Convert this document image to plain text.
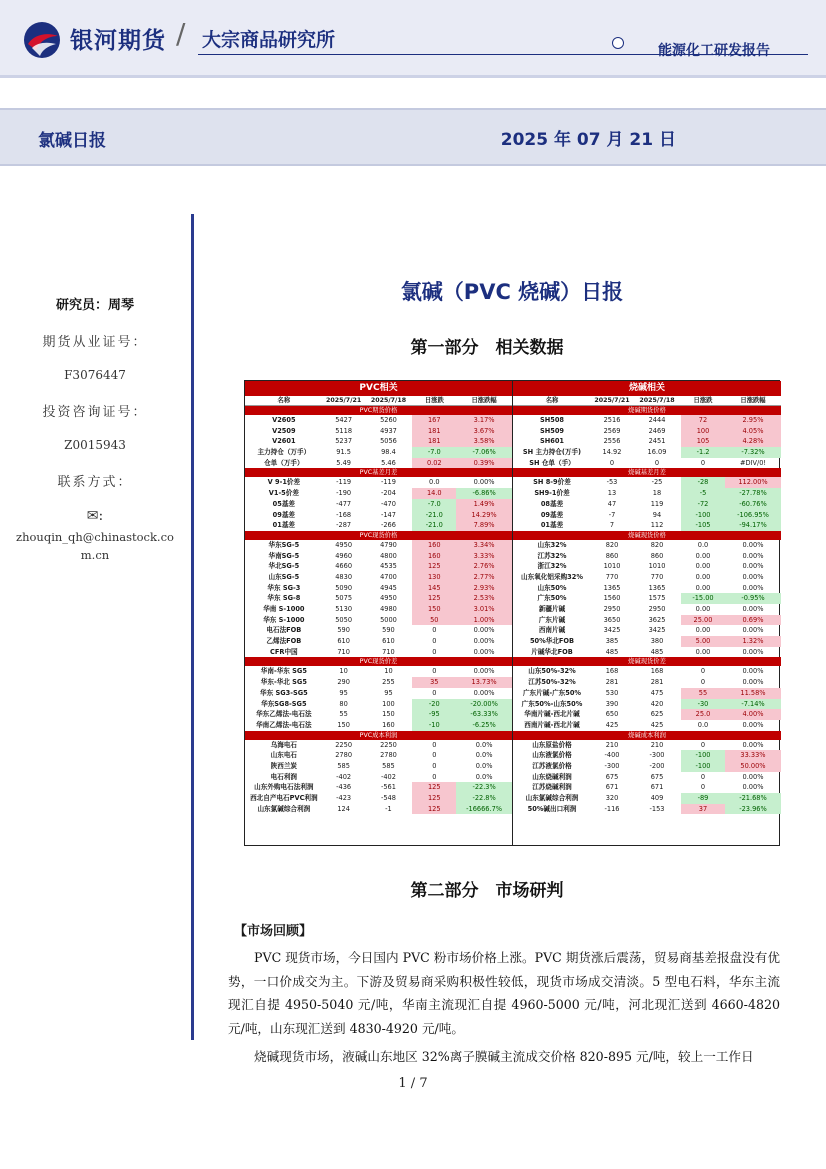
银河期货 / 大宗商品研究所	能源化工研发报告
氯碱日报	2025 年 07 月 21 日
研究员：周琴
期货从业证号：
F3076447
投资咨询证号：
Z0015943
联系方式：
✉:
zhouqin_qh@chinastock.com.cn
氯碱（PVC 烧碱）日报
第一部分　相关数据
PVC相关
名称	2025/7/21	2025/7/18	日涨跌	日涨跌幅
PVC期货价格
V2605	5427	5260	167	3.17%
V2509	5118	4937	181	3.67%
V2601	5237	5056	181	3.58%
主力持仓（万手）	91.5	98.4	-7.0	-7.06%
仓单（万手）	5.49	5.46	0.02	0.39%
PVC基差月差
V 9-1价差	-119	-119	0.0	0.00%
V1-5价差	-190	-204	14.0	-6.86%
05基差	-477	-470	-7.0	1.49%
09基差	-168	-147	-21.0	14.29%
01基差	-287	-266	-21.0	7.89%
PVC现货价格
华东SG-5	4950	4790	160	3.34%
华南SG-5	4960	4800	160	3.33%
华北SG-5	4660	4535	125	2.76%
山东SG-5	4830	4700	130	2.77%
华东 SG-3	5090	4945	145	2.93%
华东 SG-8	5075	4950	125	2.53%
华南 S-1000	5130	4980	150	3.01%
华东 S-1000	5050	5000	50	1.00%
电石法FOB	590	590	0	0.00%
乙烯法FOB	610	610	0	0.00%
CFR中国	710	710	0	0.00%
PVC现货价差
华南-华东 SG5	10	10	0	0.00%
华东-华北 SG5	290	255	35	13.73%
华东 SG3-SG5	95	95	0	0.00%
华东SG8-SG5	80	100	-20	-20.00%
华东乙烯法-电石法	55	150	-95	-63.33%
华南乙烯法-电石法	150	160	-10	-6.25%
PVC成本利润
乌海电石	2250	2250	0	0.0%
山东电石	2780	2780	0	0.0%
陕西兰炭	585	585	0	0.0%
电石利润	-402	-402	0	0.0%
山东外购电石法利润	-436	-561	125	-22.3%
西北自产电石PVC利润	-423	-548	125	-22.8%
山东氯碱综合利润	124	-1	125	-16666.7%
烧碱相关
名称	2025/7/21	2025/7/18	日涨跌	日涨跌幅
烧碱期货价格
SH508	2516	2444	72	2.95%
SH509	2569	2469	100	4.05%
SH601	2556	2451	105	4.28%
SH 主力持仓(万手)	14.92	16.09	-1.2	-7.32%
SH 仓单（手）	0	0	0	#DIV/0!
烧碱基差月差
SH 8-9价差	-53	-25	-28	112.00%
SH9-1价差	13	18	-5	-27.78%
08基差	47	119	-72	-60.76%
09基差	-7	94	-100	-106.95%
01基差	7	112	-105	-94.17%
烧碱现货价格
山东32%	820	820	0.0	0.00%
江苏32%	860	860	0.00	0.00%
浙江32%	1010	1010	0.00	0.00%
山东氧化铝采购32%	770	770	0.00	0.00%
山东50%	1365	1365	0.00	0.00%
广东50%	1560	1575	-15.00	-0.95%
新疆片碱	2950	2950	0.00	0.00%
广东片碱	3650	3625	25.00	0.69%
西南片碱	3425	3425	0.00	0.00%
50%华北FOB	385	380	5.00	1.32%
片碱华北FOB	485	485	0.00	0.00%
烧碱现货价差
山东50%-32%	168	168	0	0.00%
江苏50%-32%	281	281	0	0.00%
广东片碱-广东50%	530	475	55	11.58%
广东50%-山东50%	390	420	-30	-7.14%
华南片碱-西北片碱	650	625	25.0	4.00%
西南片碱-西北片碱	425	425	0.0	0.00%
烧碱成本利润
山东原盐价格	210	210	0	0.00%
山东液氯价格	-400	-300	-100	33.33%
江苏液氯价格	-300	-200	-100	50.00%
山东烧碱利润	675	675	0	0.00%
江苏烧碱利润	671	671	0	0.00%
山东氯碱综合利润	320	409	-89	-21.68%
50%碱出口利润	-116	-153	37	-23.96%
第二部分　市场研判
【市场回顾】
PVC 现货市场，今日国内 PVC 粉市场价格上涨。PVC 期货涨后震荡，贸易商基差报盘没有优势，一口价成交为主。下游及贸易商采购积极性较低，现货市场成交清淡。5 型电石料，华东主流现汇自提 4950-5040 元/吨，华南主流现汇自提 4960-5000 元/吨，河北现汇送到 4660-4820 元/吨，山东现汇送到 4830-4920 元/吨。
烧碱现货市场，液碱山东地区 32%离子膜碱主流成交价格 820-895 元/吨，较上一工作日
1 / 7
